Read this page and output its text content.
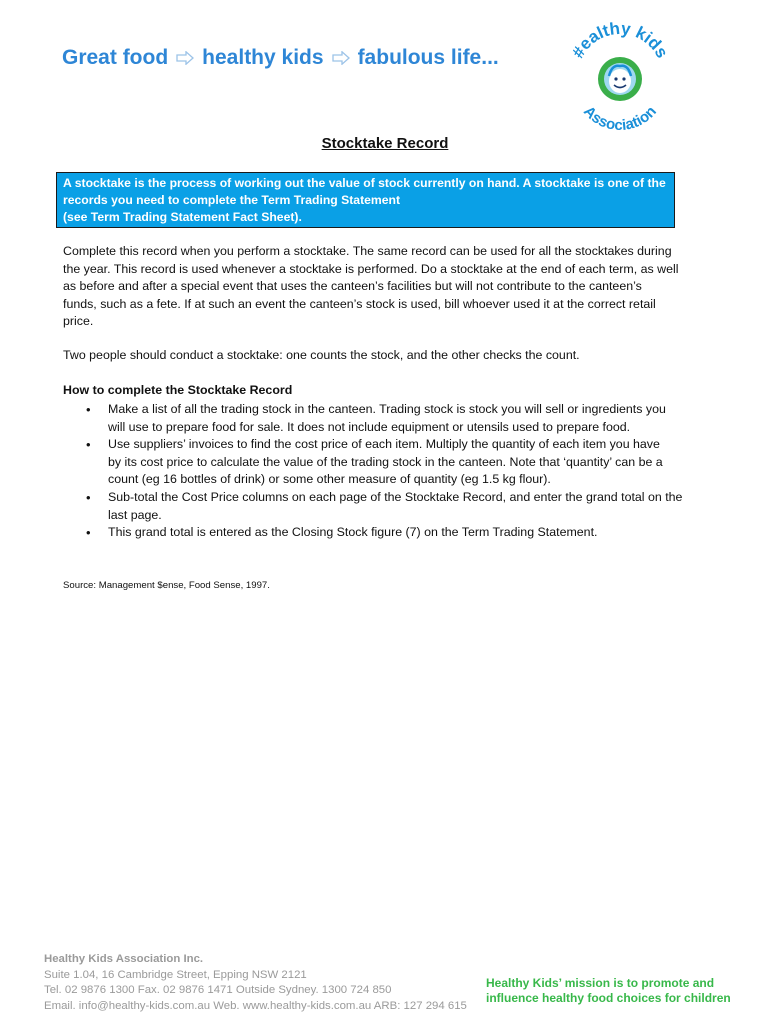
Great food healthy kids fabulous life...	#ealthy kids
Association
Stocktake Record
A stocktake is the process of working out the value of stock currently on hand. A stocktake is one of the
records you need to complete the Term Trading Statement
(see Term Trading Statement Fact Sheet).
Complete this record when you perform a stocktake. The same record can be used for all the stocktakes during
the year. This record is used whenever a stocktake is performed. Do a stocktake at the end of each term, as well
as before and after a special event that uses the canteen’s facilities but will not contribute to the canteen’s
funds, such as a fete. If at such an event the canteen’s stock is used, bill whoever used it at the correct retail
price.
Two people should conduct a stocktake: one counts the stock, and the other checks the count.
How to complete the Stocktake Record
• Make a list of all the trading stock in the canteen. Trading stock is stock you will sell or ingredients you
will use to prepare food for sale. It does not include equipment or utensils used to prepare food.
• Use suppliers’ invoices to find the cost price of each item. Multiply the quantity of each item you have
by its cost price to calculate the value of the trading stock in the canteen. Note that ‘quantity’ can be a
count (eg 16 bottles of drink) or some other measure of quantity (eg 1.5 kg flour).
• Sub-total the Cost Price columns on each page of the Stocktake Record, and enter the grand total on the
last page.
• This grand total is entered as the Closing Stock figure (7) on the Term Trading Statement.
Source: Management $ense, Food Sense, 1997.
Healthy Kids Association Inc.
Suite 1.04, 16 Cambridge Street, Epping NSW 2121
Tel. 02 9876 1300 Fax. 02 9876 1471 Outside Sydney. 1300 724 850
Email. info@healthy-kids.com.au Web. www.healthy-kids.com.au ARB: 127 294 615
Healthy Kids’ mission is to promote and
influence healthy food choices for children
